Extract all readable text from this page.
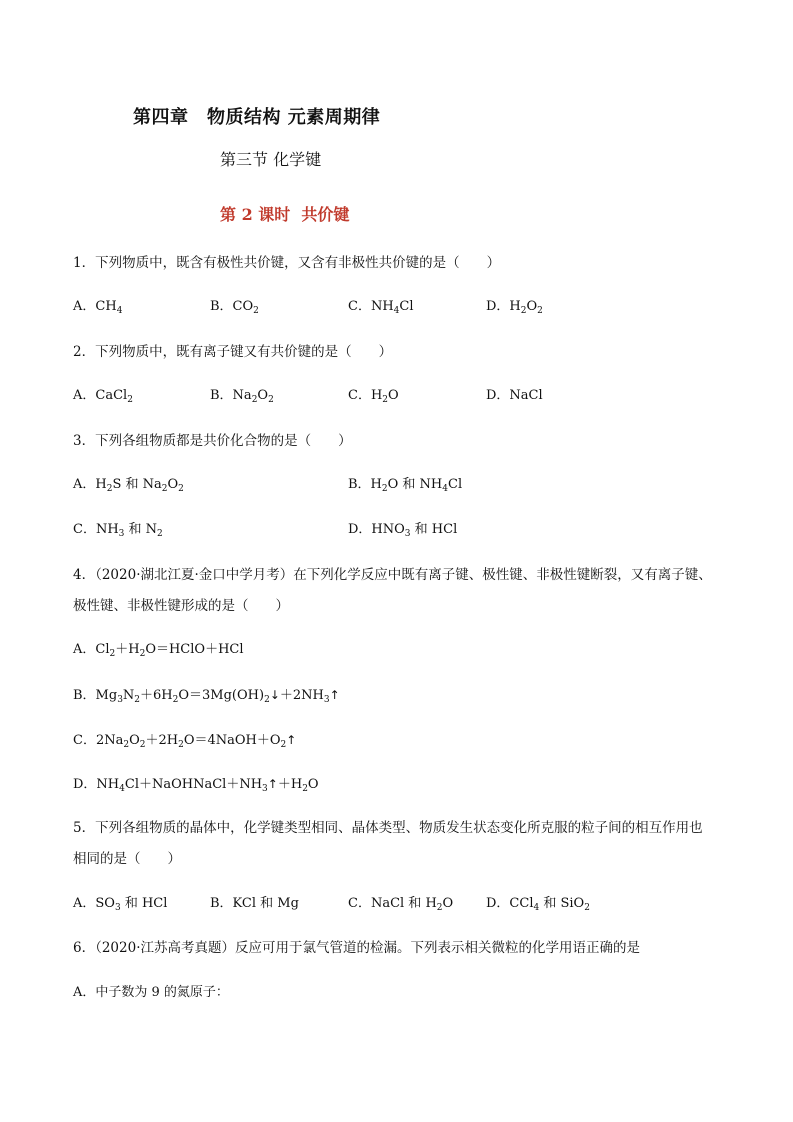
第四章　物质结构 元素周期律
第三节 化学键
第 2 课时  共价键
1．下列物质中，既含有极性共价键，又含有非极性共价键的是（　　）
A．$CH_4$	B．$CO_2$	C．$NH_4Cl$	D．$H_2O_2$
2．下列物质中，既有离子键又有共价键的是（　　）
A．CaCl$_2$	B．$Na_2O_2$	C．$H_2O$	D．NaCl
3．下列各组物质都是共价化合物的是（　　）
A．$H_2S$ 和 $Na_2O_2$	B．$H_2O$ 和 $NH_4Cl$
C．$NH_3$ 和 $N_2$	D．$HNO_3$ 和 HCl
4．（2020·湖北江夏·金口中学月考）在下列化学反应中既有离子键、极性键、非极性键断裂，又有离子键、
极性键、非极性键形成的是（　　）
A．$Cl_2+H_2O=HClO+HCl$
B．$Mg_3N_2+6H_2O=3Mg(OH)_2↓+2NH_3↑$
C．$2Na_2O_2+2H_2O=4NaOH+O_2↑$
D．$NH_4Cl+NaOHNaCl+NH_3↑+H_2O$
5．下列各组物质的晶体中，化学键类型相同、晶体类型、物质发生状态变化所克服的粒子间的相互作用也
相同的是（　　）
A．$SO_3$ 和 HCl	B．KCl 和 Mg	C．NaCl 和 $H_2O$	D．CCl$_4$ 和 SiO$_2$
6．（2020·江苏高考真题）反应可用于氯气管道的检漏。下列表示相关微粒的化学用语正确的是
A．中子数为 9 的氮原子：
